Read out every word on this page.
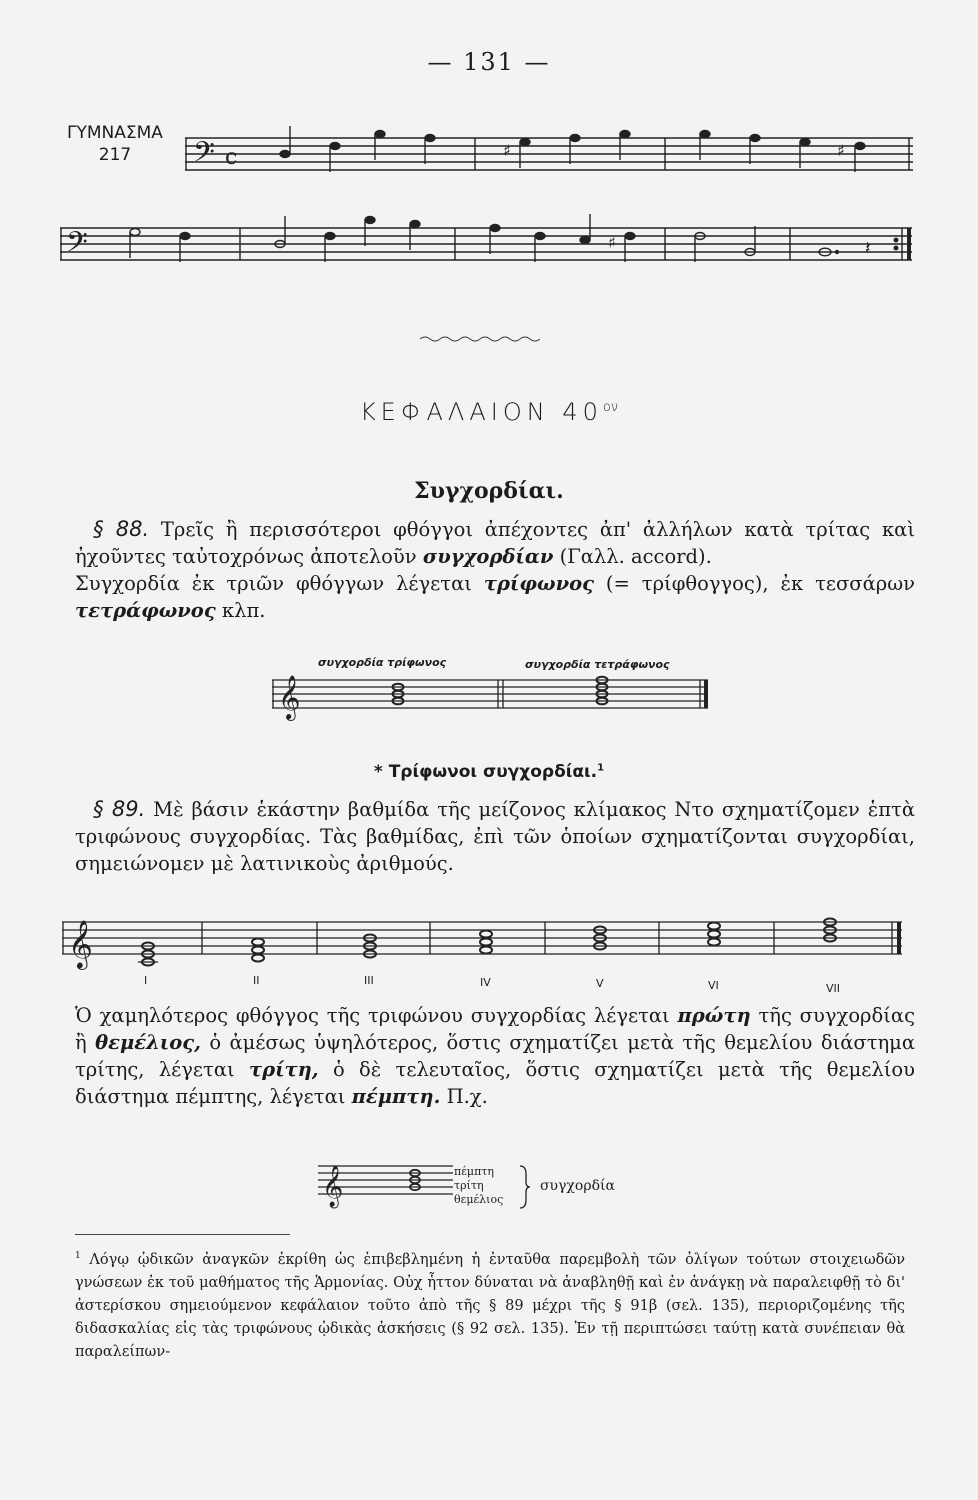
— 131 —
ΓΥΜΝΑΣΜΑ
217	𝄢 c	♯	♯
𝄢	♯	𝄽
ΚΕΦΑΛΑΙΟΝ $40^{o\nu}$
Συγχορδίαι.
§ 88. Τρεῖς ἢ περισσότεροι φθόγγοι ἀπέχοντες ἀπ' ἀλλήλων κατὰ τρίτας καὶ ἠχοῦντες ταὐτοχρόνως ἀποτελοῦν συγχορδίαν (Γαλλ. accord).
Συγχορδία ἐκ τριῶν φθόγγων λέγεται τρίφωνος (= τρίφθογγος), ἐκ τεσσάρων τετράφωνος κλπ.
συγχορδία τρίφωνος	συγχορδία τετράφωνος
𝄞
* Τρίφωνοι συγχορδίαι.$^1$
§ 89. Μὲ βάσιν ἑκάστην βαθμίδα τῆς μείζονος κλίμακος Ντο σχηματίζομεν ἑπτὰ τριφώνους συγχορδίας. Τὰς βαθμίδας, ἐπὶ τῶν ὁποίων σχηματίζονται συγχορδίαι, σημειώνομεν μὲ λατινικοὺς ἀριθμούς.
𝄞
I	II	III	IV	V	VI	VII
Ὁ χαμηλότερος φθόγγος τῆς τριφώνου συγχορδίας λέγεται πρώτη τῆς συγχορδίας ἢ θεμέλιος, ὁ ἀμέσως ὑψηλότερος, ὅστις σχηματίζει μετὰ τῆς θεμελίου διάστημα τρίτης, λέγεται τρίτη, ὁ δὲ τελευταῖος, ὅστις σχηματίζει μετὰ τῆς θεμελίου διάστημα πέμπτης, λέγεται πέμπτη. Π.χ.
𝄞	πέμπτη
τρίτη
θεμέλιος
συγχορδία
$^1$ Λόγῳ ᾠδικῶν ἀναγκῶν ἐκρίθη ὡς ἐπιβεβλημένη ἡ ἐνταῦθα παρεμβολὴ τῶν ὀλίγων τούτων στοιχειωδῶν γνώσεων ἐκ τοῦ μαθήματος τῆς Ἁρμονίας. Οὐχ ἧττον δύναται νὰ ἀναβληθῇ καὶ ἐν ἀνάγκῃ νὰ παραλειφθῇ τὸ δι' ἀστερίσκου σημειούμενον κεφάλαιον τοῦτο ἀπὸ τῆς § 89 μέχρι τῆς § 91β (σελ. 135), περιοριζομένης τῆς διδασκαλίας εἰς τὰς τριφώνους ᾠδικὰς ἀσκήσεις (§ 92 σελ. 135). Ἐν τῇ περιπτώσει ταύτῃ κατὰ συνέπειαν θὰ παραλείπων-
